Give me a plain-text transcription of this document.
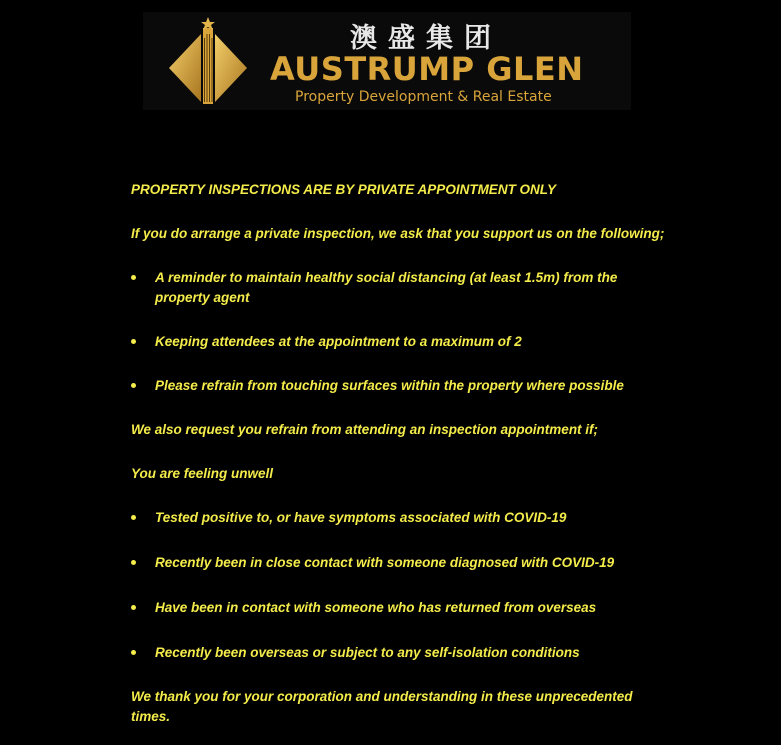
澳盛集团
AUSTRUMP GLEN
Property Development & Real Estate

PROPERTY INSPECTIONS ARE BY PRIVATE APPOINTMENT ONLY

If you do arrange a private inspection, we ask that you support us on the following;

A reminder to maintain healthy social distancing (at least 1.5m) from the property agent
Keeping attendees at the appointment to a maximum of 2
Please refrain from touching surfaces within the property where possible

We also request you refrain from attending an inspection appointment if;

You are feeling unwell

Tested positive to, or have symptoms associated with COVID-19
Recently been in close contact with someone diagnosed with COVID-19
Have been in contact with someone who has returned from overseas
Recently been overseas or subject to any self-isolation conditions

We thank you for your corporation and understanding in these unprecedented times.
